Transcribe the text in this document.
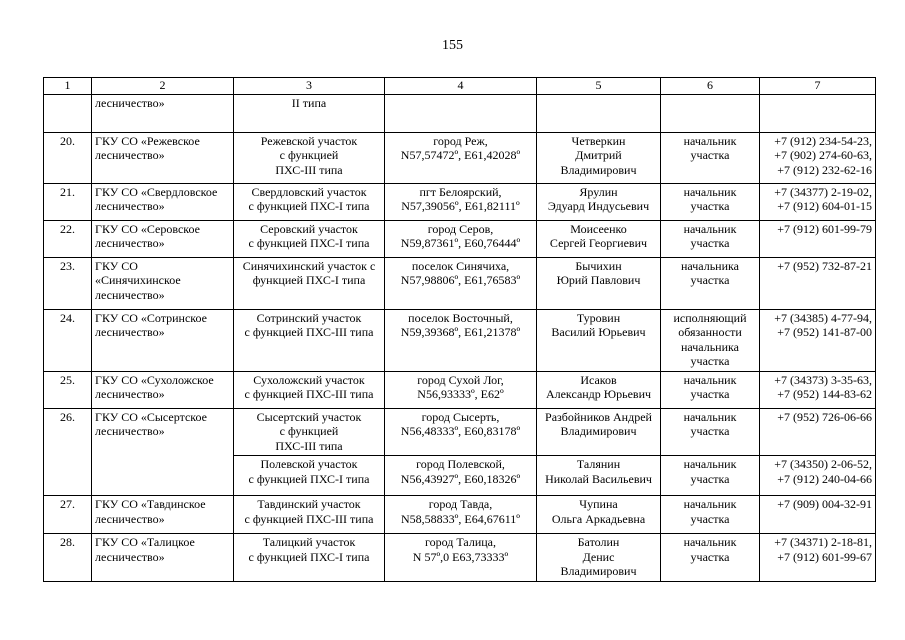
155
1	2	3	4	5	6	7
	лесничество»	II типа				
20.	ГКУ СО «Режевское
лесничество»	Режевской участок
с функцией
ПХС-III типа	город Реж,
N57,57472º, E61,42028º	Четверкин
Дмитрий
Владимирович	начальник
участка	+7 (912) 234-54-23,
+7 (902) 274-60-63,
+7 (912) 232-62-16
21.	ГКУ СО «Свердловское
лесничество»	Свердловский участок
с функцией ПХС-I типа	пгт Белоярский,
N57,39056º, E61,82111º	Ярулин
Эдуард Индусьевич	начальник
участка	+7 (34377) 2-19-02,
+7 (912) 604-01-15
22.	ГКУ СО «Серовское
лесничество»	Серовский участок
с функцией ПХС-I типа	город Серов,
N59,87361º, E60,76444º	Моисеенко
Сергей Георгиевич	начальник
участка	+7 (912) 601-99-79
23.	ГКУ СО
«Синячихинское
лесничество»	Синячихинский участок с
функцией ПХС-I типа	поселок Синячиха,
N57,98806º, E61,76583º	Бычихин
Юрий Павлович	начальника
участка	+7 (952) 732-87-21
24.	ГКУ СО «Сотринское
лесничество»	Сотринский участок
с функцией ПХС-III типа	поселок Восточный,
N59,39368º, E61,21378º	Туровин
Василий Юрьевич	исполняющий
обязанности
начальника
участка	+7 (34385) 4-77-94,
+7 (952) 141-87-00
25.	ГКУ СО «Сухоложское
лесничество»	Сухоложский участок
с функцией ПХС-III типа	город Сухой Лог,
N56,93333º, E62º	Исаков
Александр Юрьевич	начальник
участка	+7 (34373) 3-35-63,
+7 (952) 144-83-62
26.	ГКУ СО «Сысертское
лесничество»	Сысертский участок
с функцией
ПХС-III типа	город Сысерть,
N56,48333º, E60,83178º	Разбойников Андрей
Владимирович	начальник
участка	+7 (952) 726-06-66
		Полевской участок
с функцией ПХС-I типа	город Полевской,
N56,43927º, E60,18326º	Талянин
Николай Васильевич	начальник
участка	+7 (34350) 2-06-52,
+7 (912) 240-04-66
27.	ГКУ СО «Тавдинское
лесничество»	Тавдинский участок
с функцией ПХС-III типа	город Тавда,
N58,58833º, E64,67611º	Чупина
Ольга Аркадьевна	начальник
участка	+7 (909) 004-32-91
28.	ГКУ СО «Талицкое
лесничество»	Талицкий участок
с функцией ПХС-I типа	город Талица,
N 57º,0 E63,73333º	Батолин
Денис
Владимирович	начальник
участка	+7 (34371) 2-18-81,
+7 (912) 601-99-67
